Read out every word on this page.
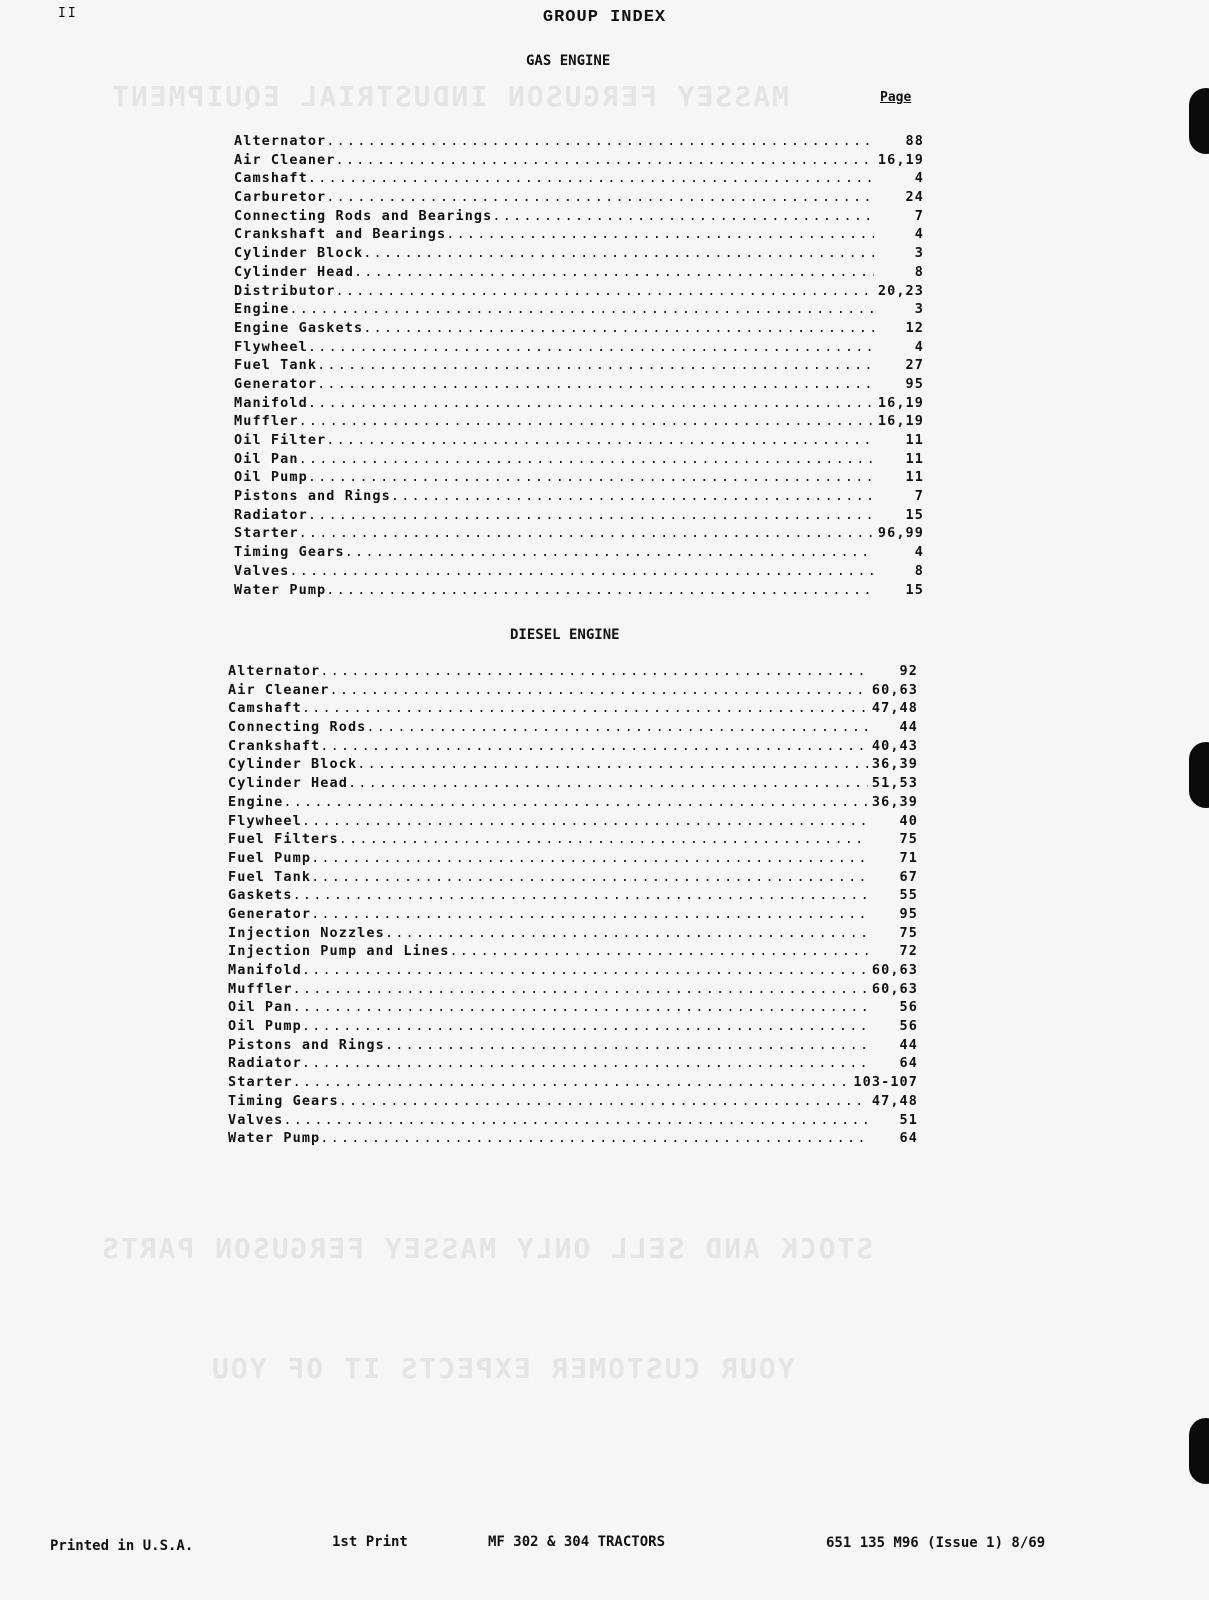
MASSEY FERGUSON INDUSTRIAL EQUIPMENT
STOCK AND SELL ONLY MASSEY FERGUSON PARTS
YOUR CUSTOMER EXPECTS IT OF YOU
II	GROUP INDEX
GAS ENGINE
Page
Alternator .....	88
Air Cleaner .....	16,19
Camshaft .....	4
Carburetor .....	24
Connecting Rods and Bearings .....	7
Crankshaft and Bearings .....	4
Cylinder Block .....	3
Cylinder Head .....	8
Distributor .....	20,23
Engine .....	3
Engine Gaskets .....	12
Flywheel .....	4
Fuel Tank .....	27
Generator .....	95
Manifold .....	16,19
Muffler .....	16,19
Oil Filter .....	11
Oil Pan .....	11
Oil Pump .....	11
Pistons and Rings .....	7
Radiator .....	15
Starter .....	96,99
Timing Gears .....	4
Valves .....	8
Water Pump .....	15
DIESEL ENGINE
Alternator .....	92
Air Cleaner .....	60,63
Camshaft .....	47,48
Connecting Rods .....	44
Crankshaft .....	40,43
Cylinder Block .....	36,39
Cylinder Head .....	51,53
Engine .....	36,39
Flywheel .....	40
Fuel Filters .....	75
Fuel Pump .....	71
Fuel Tank .....	67
Gaskets .....	55
Generator .....	95
Injection Nozzles .....	75
Injection Pump and Lines .....	72
Manifold .....	60,63
Muffler .....	60,63
Oil Pan .....	56
Oil Pump .....	56
Pistons and Rings .....	44
Radiator .....	64
Starter .....	103-107
Timing Gears .....	47,48
Valves .....	51
Water Pump .....	64
Printed in U.S.A.	1st Print	MF 302 & 304 TRACTORS	651 135 M96 (Issue 1) 8/69
